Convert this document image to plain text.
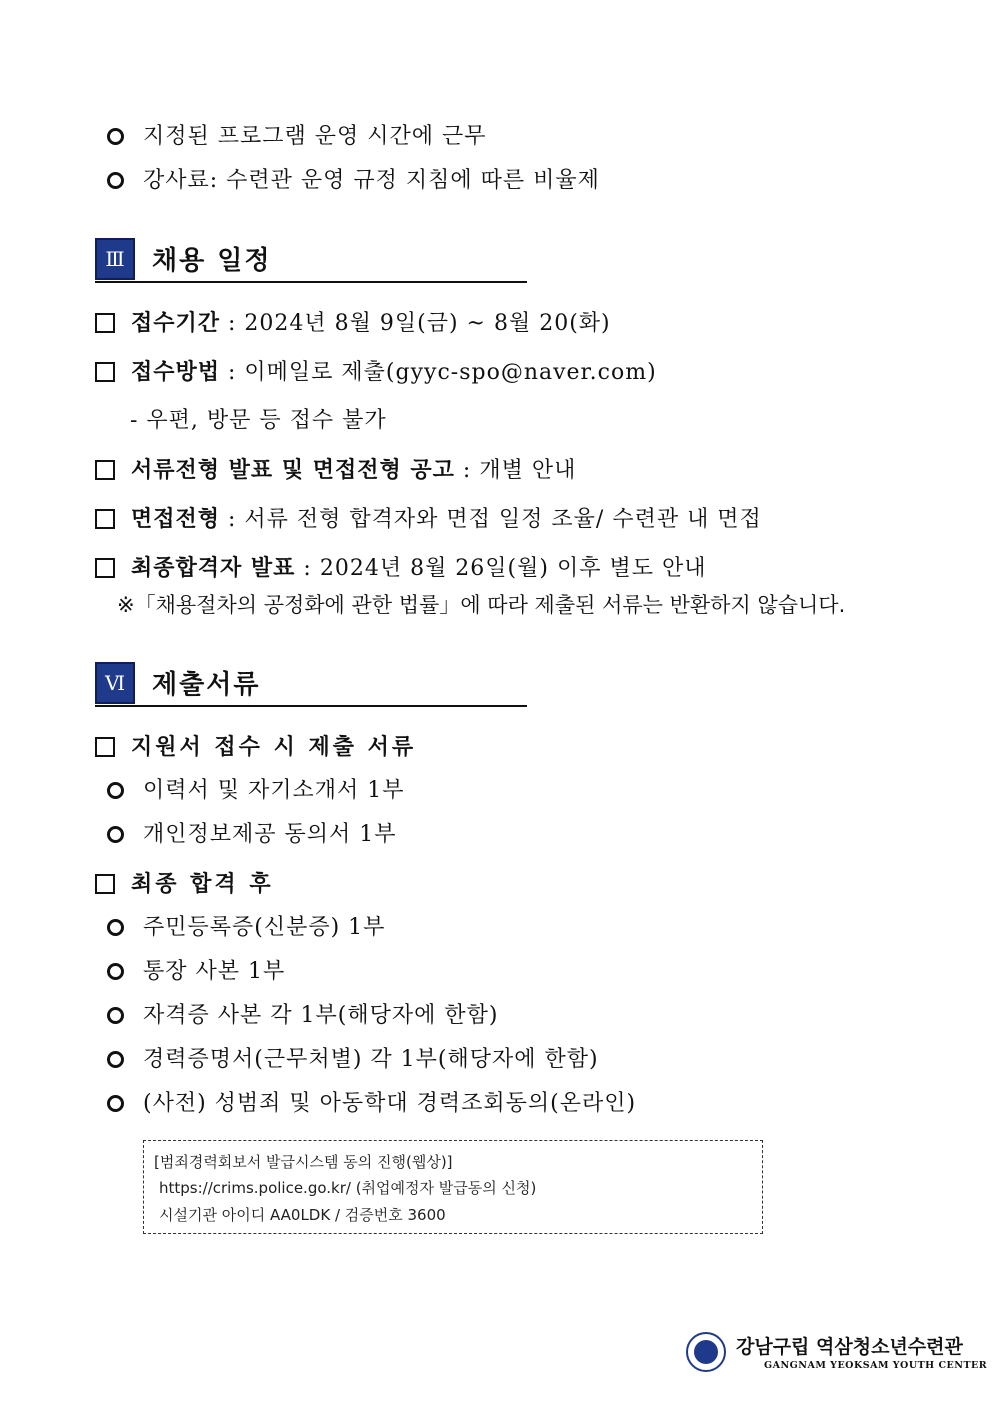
지정된 프로그램 운영 시간에 근무
강사료: 수련관 운영 규정 지침에 따른 비율제
Ⅲ	채용 일정
접수기간 : 2024년 8월 9일(금) ~ 8월 20(화)
접수방법 : 이메일로 제출(gyyc-spo@naver.com)
- 우편, 방문 등 접수 불가
서류전형 발표 및 면접전형 공고 : 개별 안내
면접전형 : 서류 전형 합격자와 면접 일정 조율/ 수련관 내 면접
최종합격자 발표 : 2024년 8월 26일(월) 이후 별도 안내
※「채용절차의 공정화에 관한 법률」에 따라 제출된 서류는 반환하지 않습니다.
Ⅵ	제출서류
지원서 접수 시 제출 서류
이력서 및 자기소개서 1부
개인정보제공 동의서 1부
최종 합격 후
주민등록증(신분증) 1부
통장 사본 1부
자격증 사본 각 1부(해당자에 한함)
경력증명서(근무처별) 각 1부(해당자에 한함)
(사전) 성범죄 및 아동학대 경력조회동의(온라인)
[범죄경력회보서 발급시스템 동의 진행(웹상)]
https://crims.police.go.kr/ (취업예정자 발급동의 신청)
시설기관 아이디 AA0LDK / 검증번호 3600
강남구립 역삼청소년수련관
GANGNAM YEOKSAM YOUTH CENTER
